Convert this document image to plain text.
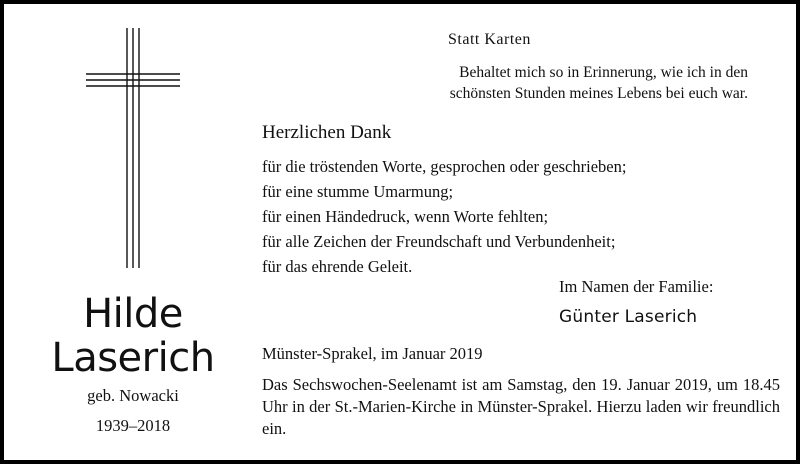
Statt Karten
Behaltet mich so in Erinnerung, wie ich in den
schönsten Stunden meines Lebens bei euch war.
Herzlichen Dank
für die tröstenden Worte, gesprochen oder geschrieben;
für eine stumme Umarmung;
für einen Händedruck, wenn Worte fehlten;
für alle Zeichen der Freundschaft und Verbundenheit;
für das ehrende Geleit.
Im Namen der Familie:
Günter Laserich
Münster-Sprakel, im Januar 2019
Das Sechswochen-Seelenamt ist am Samstag, den 19. Januar 2019, um 18.45 Uhr in der St.-Marien-Kirche in Münster-Sprakel. Hierzu laden wir freundlich ein.
Hilde
Laserich
geb. Nowacki
1939–2018
